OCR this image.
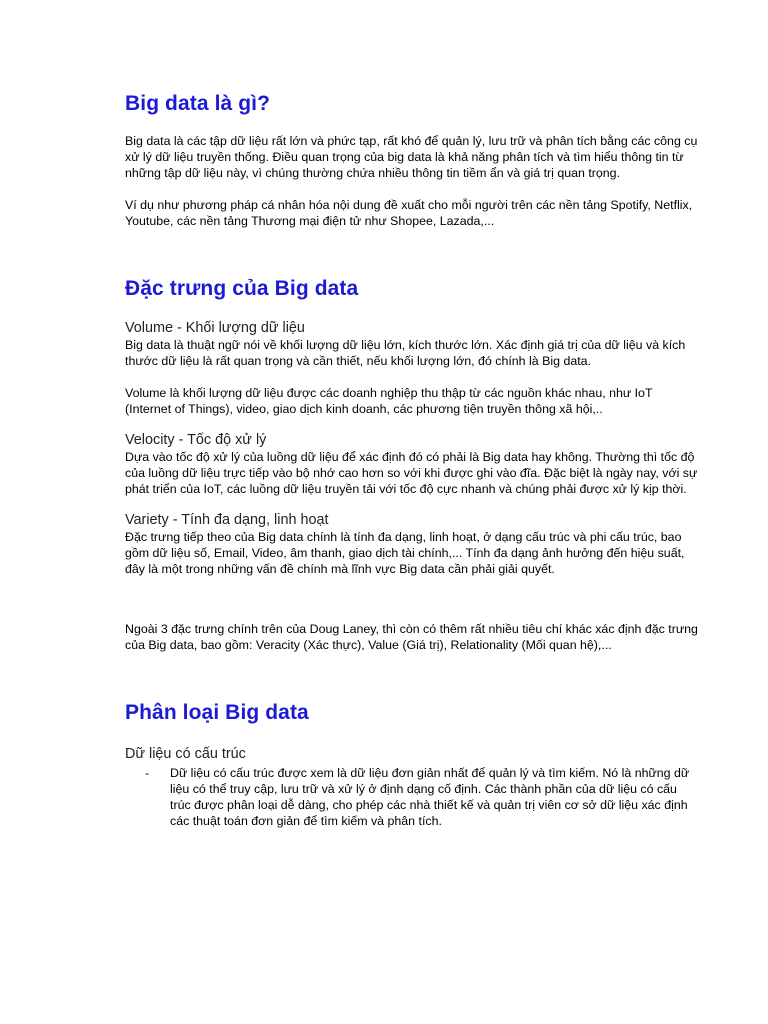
Big data là gì?

Big data là các tập dữ liệu rất lớn và phức tạp, rất khó để quản lý, lưu trữ và phân tích bằng các công cụ xử lý dữ liệu truyền thống. Điều quan trọng của big data là khả năng phân tích và tìm hiểu thông tin từ những tập dữ liệu này, vì chúng thường chứa nhiều thông tin tiềm ẩn và giá trị quan trọng.

Ví dụ như phương pháp cá nhân hóa nội dung đề xuất cho mỗi người trên các nền tảng Spotify, Netflix, Youtube, các nền tảng Thương mại điện tử như Shopee, Lazada,...

Đặc trưng của Big data
Volume - Khối lượng dữ liệu

Big data là thuật ngữ nói về khối lượng dữ liệu lớn, kích thước lớn. Xác định giá trị của dữ liệu và kích thước dữ liệu là rất quan trọng và cần thiết, nếu khối lượng lớn, đó chính là Big data.

Volume là khối lượng dữ liệu được các doanh nghiệp thu thập từ các nguồn khác nhau, như IoT (Internet of Things), video, giao dịch kinh doanh, các phương tiện truyền thông xã hội,..

Velocity - Tốc độ xử lý

Dựa vào tốc độ xử lý của luồng dữ liệu để xác định đó có phải là Big data hay không. Thường thì tốc độ của luồng dữ liệu trực tiếp vào bộ nhớ cao hơn so với khi được ghi vào đĩa. Đặc biệt là ngày nay, với sự phát triển của IoT, các luồng dữ liệu truyền tải với tốc độ cực nhanh và chúng phải được xử lý kịp thời.

Variety - Tính đa dạng, linh hoạt

Đặc trưng tiếp theo của Big data chính là tính đa dạng, linh hoạt, ở dạng cấu trúc và phi cấu trúc, bao gồm dữ liệu số, Email, Video, âm thanh, giao dịch tài chính,... Tính đa dạng ảnh hưởng đến hiệu suất, đây là một trong những vấn đề chính mà lĩnh vực Big data cần phải giải quyết.

Ngoài 3 đặc trưng chính trên của Doug Laney, thì còn có thêm rất nhiều tiêu chí khác xác định đặc trưng của Big data, bao gồm: Veracity (Xác thực), Value (Giá trị), Relationality (Mối quan hệ),...

Phân loại Big data
Dữ liệu có cấu trúc
- Dữ liệu có cấu trúc được xem là dữ liệu đơn giản nhất để quản lý và tìm kiếm. Nó là những dữ liệu có thể truy cập, lưu trữ và xử lý ở định dạng cố định. Các thành phần của dữ liệu có cấu trúc được phân loại dễ dàng, cho phép các nhà thiết kế và quản trị viên cơ sở dữ liệu xác định các thuật toán đơn giản để tìm kiếm và phân tích.
